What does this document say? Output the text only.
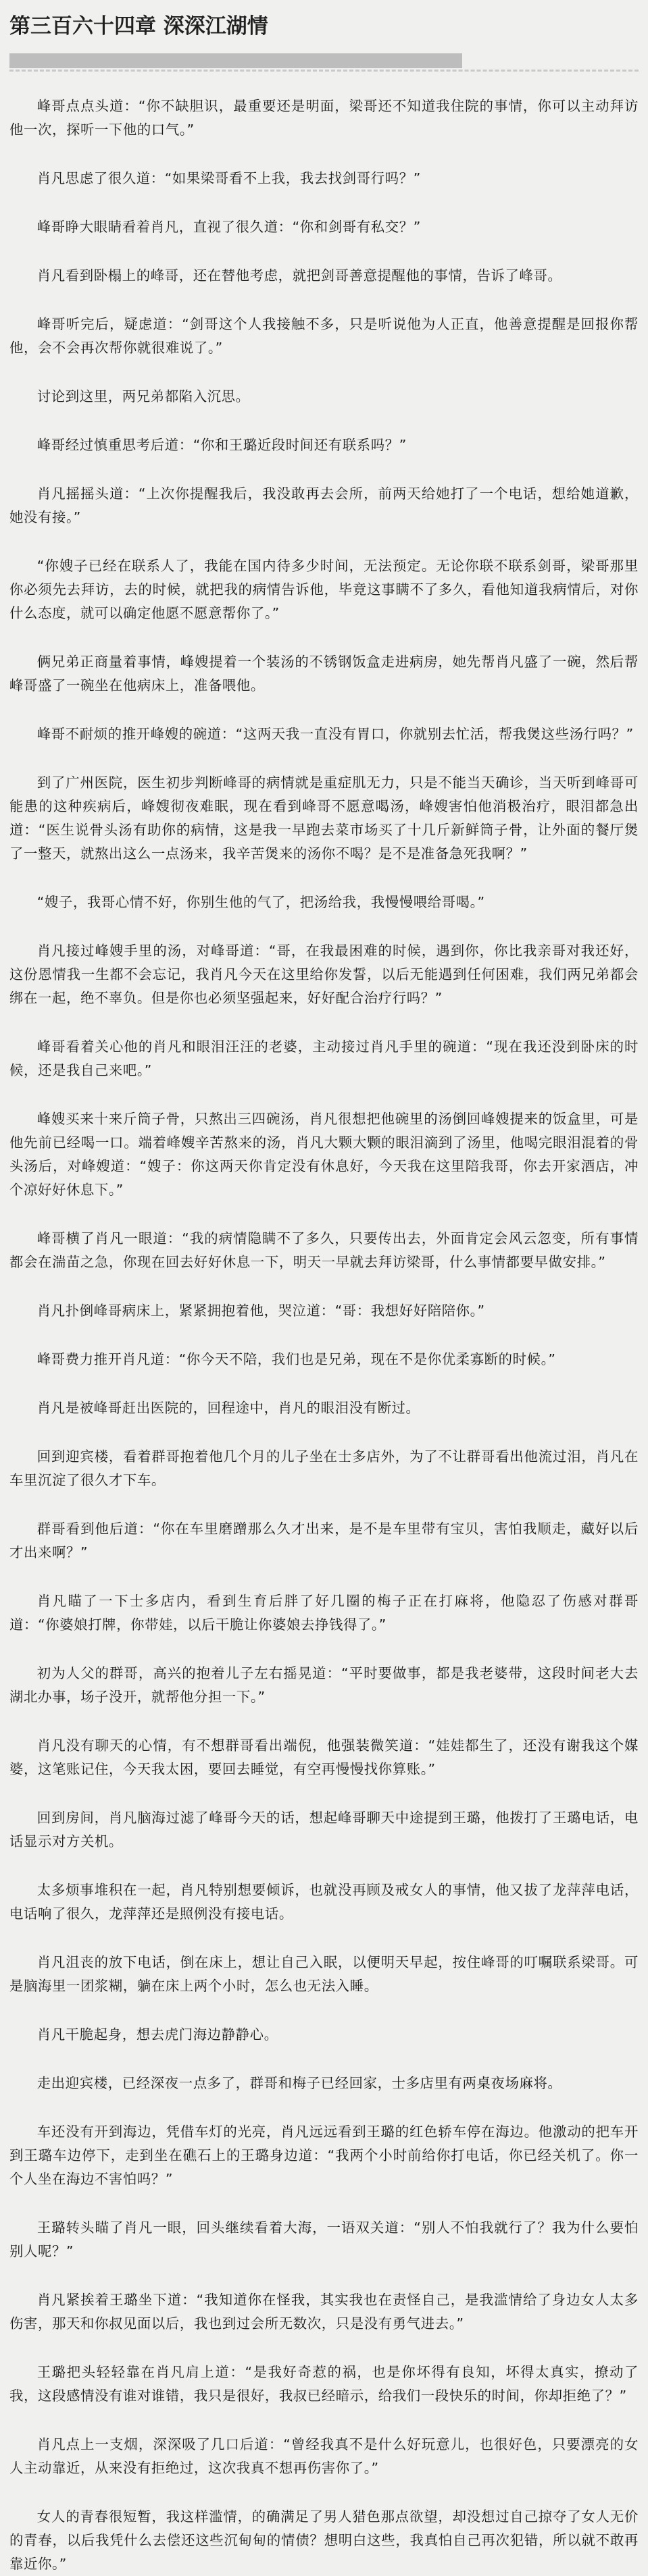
第三百六十四章 深深江湖情

峰哥点点头道：“你不缺胆识，最重要还是明面，梁哥还不知道我住院的事情，你可以主动拜访他一次，探听一下他的口气。”

肖凡思虑了很久道：“如果梁哥看不上我，我去找剑哥行吗？”

峰哥睁大眼睛看着肖凡，直视了很久道：“你和剑哥有私交？”

肖凡看到卧榻上的峰哥，还在替他考虑，就把剑哥善意提醒他的事情，告诉了峰哥。

峰哥听完后，疑虑道：“剑哥这个人我接触不多，只是听说他为人正直，他善意提醒是回报你帮他，会不会再次帮你就很难说了。”

讨论到这里，两兄弟都陷入沉思。

峰哥经过慎重思考后道：“你和王璐近段时间还有联系吗？”

肖凡摇摇头道：“上次你提醒我后，我没敢再去会所，前两天给她打了一个电话，想给她道歉，她没有接。”

“你嫂子已经在联系人了，我能在国内待多少时间，无法预定。无论你联不联系剑哥，梁哥那里你必须先去拜访，去的时候，就把我的病情告诉他，毕竟这事瞒不了多久，看他知道我病情后，对你什么态度，就可以确定他愿不愿意帮你了。”

俩兄弟正商量着事情，峰嫂提着一个装汤的不锈钢饭盒走进病房，她先帮肖凡盛了一碗，然后帮峰哥盛了一碗坐在他病床上，准备喂他。

峰哥不耐烦的推开峰嫂的碗道：“这两天我一直没有胃口，你就别去忙活，帮我煲这些汤行吗？”

到了广州医院，医生初步判断峰哥的病情就是重症肌无力，只是不能当天确诊，当天听到峰哥可能患的这种疾病后，峰嫂彻夜难眠，现在看到峰哥不愿意喝汤，峰嫂害怕他消极治疗，眼泪都急出道：“医生说骨头汤有助你的病情，这是我一早跑去菜市场买了十几斤新鲜筒子骨，让外面的餐厅煲了一整天，就熬出这么一点汤来，我辛苦煲来的汤你不喝？是不是准备急死我啊？”

“嫂子，我哥心情不好，你别生他的气了，把汤给我，我慢慢喂给哥喝。”

肖凡接过峰嫂手里的汤，对峰哥道：“哥，在我最困难的时候，遇到你，你比我亲哥对我还好，这份恩情我一生都不会忘记，我肖凡今天在这里给你发誓，以后无能遇到任何困难，我们两兄弟都会绑在一起，绝不辜负。但是你也必须坚强起来，好好配合治疗行吗？”

峰哥看着关心他的肖凡和眼泪汪汪的老婆，主动接过肖凡手里的碗道：“现在我还没到卧床的时候，还是我自己来吧。”

峰嫂买来十来斤筒子骨，只熬出三四碗汤，肖凡很想把他碗里的汤倒回峰嫂提来的饭盒里，可是他先前已经喝一口。端着峰嫂辛苦熬来的汤，肖凡大颗大颗的眼泪滴到了汤里，他喝完眼泪混着的骨头汤后，对峰嫂道：“嫂子：你这两天你肯定没有休息好，今天我在这里陪我哥，你去开家酒店，冲个凉好好休息下。”

峰哥横了肖凡一眼道：“我的病情隐瞒不了多久，只要传出去，外面肯定会风云忽变，所有事情都会在湍苗之急，你现在回去好好休息一下，明天一早就去拜访梁哥，什么事情都要早做安排。”

肖凡扑倒峰哥病床上，紧紧拥抱着他，哭泣道：“哥：我想好好陪陪你。”

峰哥费力推开肖凡道：“你今天不陪，我们也是兄弟，现在不是你优柔寡断的时候。”

肖凡是被峰哥赶出医院的，回程途中，肖凡的眼泪没有断过。

回到迎宾楼，看着群哥抱着他几个月的儿子坐在士多店外，为了不让群哥看出他流过泪，肖凡在车里沉淀了很久才下车。

群哥看到他后道：“你在车里磨蹭那么久才出来，是不是车里带有宝贝，害怕我顺走，藏好以后才出来啊？”

肖凡瞄了一下士多店内，看到生育后胖了好几圈的梅子正在打麻将，他隐忍了伤感对群哥道：“你婆娘打牌，你带娃，以后干脆让你婆娘去挣钱得了。”

初为人父的群哥，高兴的抱着儿子左右摇晃道：“平时要做事，都是我老婆带，这段时间老大去湖北办事，场子没开，就帮他分担一下。”

肖凡没有聊天的心情，有不想群哥看出端倪，他强装微笑道：“娃娃都生了，还没有谢我这个媒婆，这笔账记住，今天我太困，要回去睡觉，有空再慢慢找你算账。”

回到房间，肖凡脑海过滤了峰哥今天的话，想起峰哥聊天中途提到王璐，他拨打了王璐电话，电话显示对方关机。

太多烦事堆积在一起，肖凡特别想要倾诉，也就没再顾及戒女人的事情，他又拔了龙萍萍电话，电话响了很久，龙萍萍还是照例没有接电话。

肖凡沮丧的放下电话，倒在床上，想让自己入眠，以便明天早起，按住峰哥的叮嘱联系梁哥。可是脑海里一团浆糊，躺在床上两个小时，怎么也无法入睡。

肖凡干脆起身，想去虎门海边静静心。

走出迎宾楼，已经深夜一点多了，群哥和梅子已经回家，士多店里有两桌夜场麻将。

车还没有开到海边，凭借车灯的光亮，肖凡远远看到王璐的红色轿车停在海边。他激动的把车开到王璐车边停下，走到坐在礁石上的王璐身边道：“我两个小时前给你打电话，你已经关机了。你一个人坐在海边不害怕吗？”

王璐转头瞄了肖凡一眼，回头继续看着大海，一语双关道：“别人不怕我就行了？我为什么要怕别人呢？”

肖凡紧挨着王璐坐下道：“我知道你在怪我，其实我也在责怪自己，是我滥情给了身边女人太多伤害，那天和你叔见面以后，我也到过会所无数次，只是没有勇气进去。”

王璐把头轻轻靠在肖凡肩上道：“是我好奇惹的祸，也是你坏得有良知，坏得太真实，撩动了我，这段感情没有谁对谁错，我只是很好，我叔已经暗示，给我们一段快乐的时间，你却拒绝了？”

肖凡点上一支烟，深深吸了几口后道：“曾经我真不是什么好玩意儿，也很好色，只要漂亮的女人主动靠近，从来没有拒绝过，这次我真不想再伤害你了。”

女人的青春很短暂，我这样滥情，的确满足了男人猎色那点欲望，却没想过自己掠夺了女人无价的青春，以后我凭什么去偿还这些沉甸甸的情债？想明白这些，我真怕自己再次犯错，所以就不敢再靠近你。”
